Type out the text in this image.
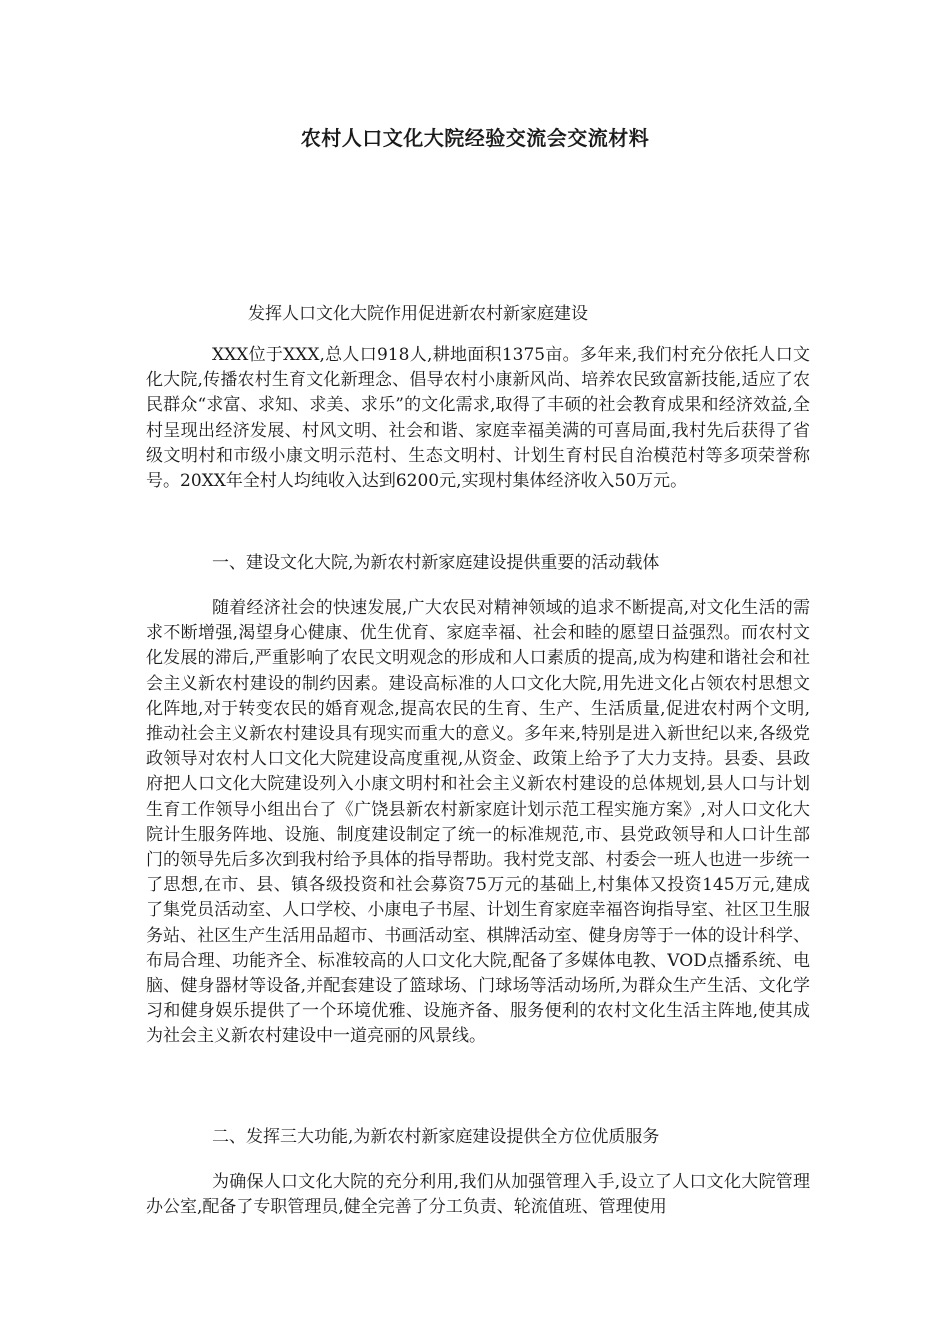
农村人口文化大院经验交流会交流材料

发挥人口文化大院作用促进新农村新家庭建设

XXX位于XXX,总人口918人,耕地面积1375亩。多年来,我们村充分依托人口文化大院,传播农村生育文化新理念、倡导农村小康新风尚、培养农民致富新技能,适应了农民群众“求富、求知、求美、求乐”的文化需求,取得了丰硕的社会教育成果和经济效益,全村呈现出经济发展、村风文明、社会和谐、家庭幸福美满的可喜局面,我村先后获得了省级文明村和市级小康文明示范村、生态文明村、计划生育村民自治模范村等多项荣誉称号。20XX年全村人均纯收入达到6200元,实现村集体经济收入50万元。

一、建设文化大院,为新农村新家庭建设提供重要的活动载体

随着经济社会的快速发展,广大农民对精神领域的追求不断提高,对文化生活的需求不断增强,渴望身心健康、优生优育、家庭幸福、社会和睦的愿望日益强烈。而农村文化发展的滞后,严重影响了农民文明观念的形成和人口素质的提高,成为构建和谐社会和社会主义新农村建设的制约因素。建设高标准的人口文化大院,用先进文化占领农村思想文化阵地,对于转变农民的婚育观念,提高农民的生育、生产、生活质量,促进农村两个文明,推动社会主义新农村建设具有现实而重大的意义。多年来,特别是进入新世纪以来,各级党政领导对农村人口文化大院建设高度重视,从资金、政策上给予了大力支持。县委、县政府把人口文化大院建设列入小康文明村和社会主义新农村建设的总体规划,县人口与计划生育工作领导小组出台了《广饶县新农村新家庭计划示范工程实施方案》,对人口文化大院计生服务阵地、设施、制度建设制定了统一的标准规范,市、县党政领导和人口计生部门的领导先后多次到我村给予具体的指导帮助。我村党支部、村委会一班人也进一步统一了思想,在市、县、镇各级投资和社会募资75万元的基础上,村集体又投资145万元,建成了集党员活动室、人口学校、小康电子书屋、计划生育家庭幸福咨询指导室、社区卫生服务站、社区生产生活用品超市、书画活动室、棋牌活动室、健身房等于一体的设计科学、布局合理、功能齐全、标准较高的人口文化大院,配备了多媒体电教、VOD点播系统、电脑、健身器材等设备,并配套建设了篮球场、门球场等活动场所,为群众生产生活、文化学习和健身娱乐提供了一个环境优雅、设施齐备、服务便利的农村文化生活主阵地,使其成为社会主义新农村建设中一道亮丽的风景线。

二、发挥三大功能,为新农村新家庭建设提供全方位优质服务

为确保人口文化大院的充分利用,我们从加强管理入手,设立了人口文化大院管理办公室,配备了专职管理员,健全完善了分工负责、轮流值班、管理使用
